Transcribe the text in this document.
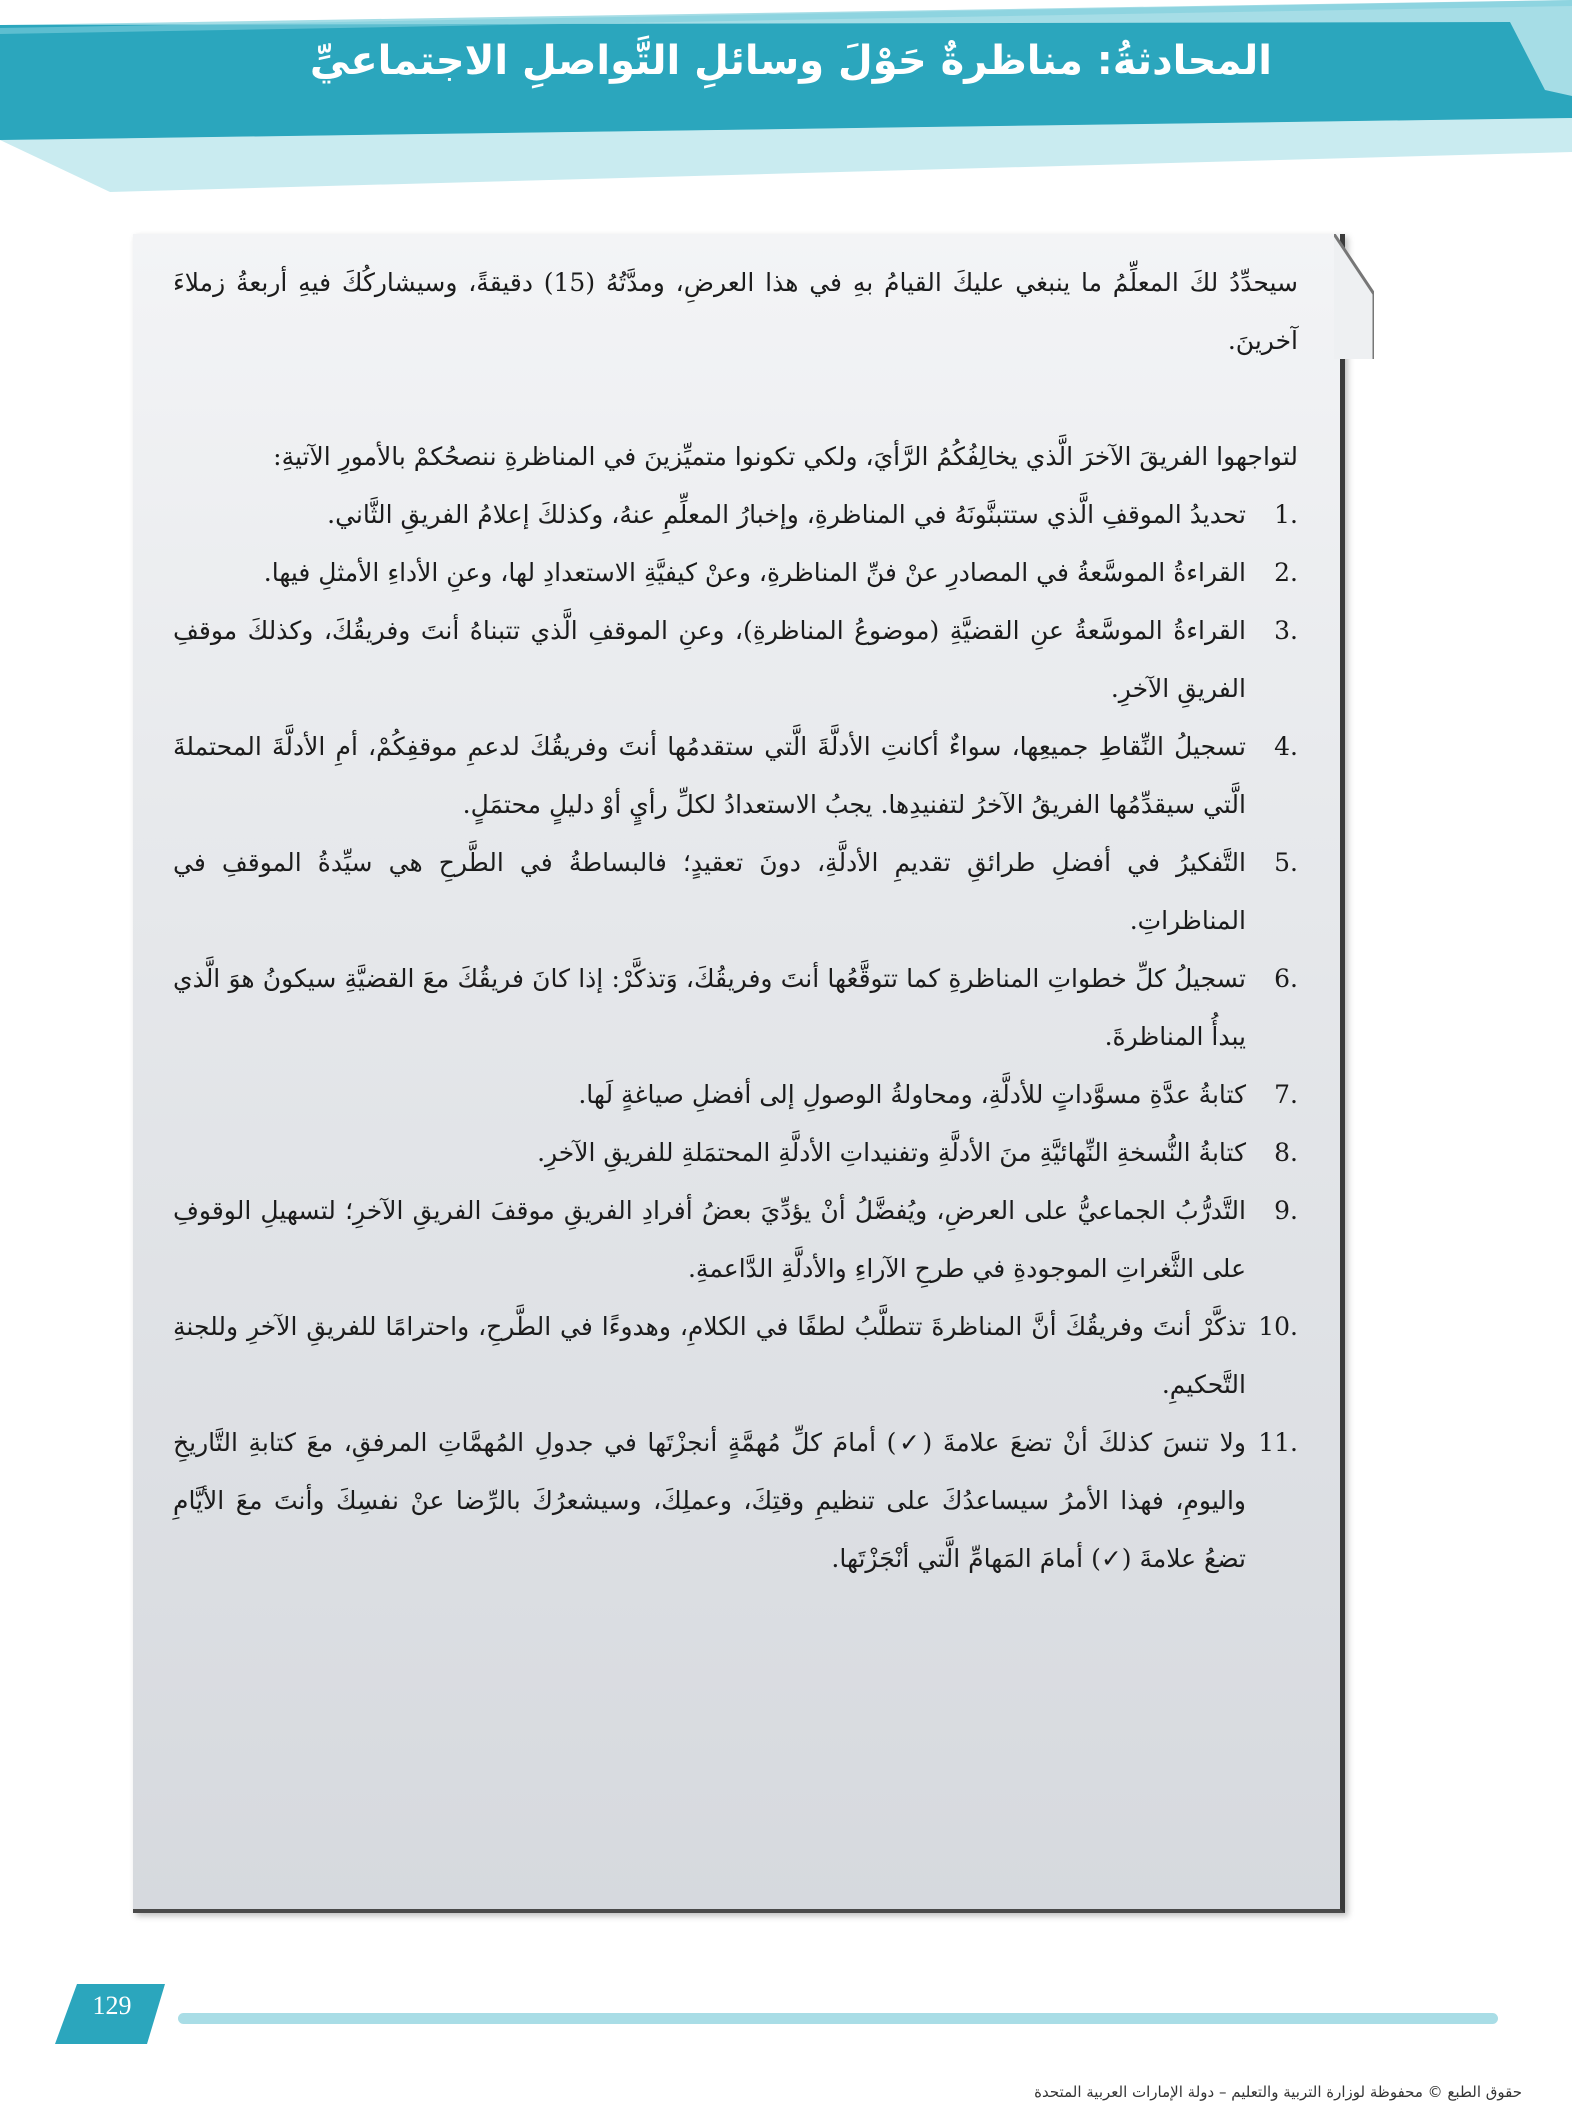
المحادثةُ: مناظرةٌ حَوْلَ وسائلِ التَّواصلِ الاجتماعيِّ

سيحدِّدُ لكَ المعلِّمُ ما ينبغي عليكَ القيامُ بهِ في هذا العرضِ، ومدَّتُهُ (15) دقيقةً، وسيشاركُكَ فيهِ أربعةُ زملاءَ آخرينَ.

لتواجهوا الفريقَ الآخرَ الَّذي يخالِفُكُمُ الرَّأيَ، ولكي تكونوا متميِّزينَ في المناظرةِ ننصحُكمْ بالأمورِ الآتيةِ:

1.
تحديدُ الموقفِ الَّذي ستتبنَّونَهُ في المناظرةِ، وإخبارُ المعلِّمِ عنهُ، وكذلكَ إعلامُ الفريقِ الثَّاني.
2.
القراءةُ الموسَّعةُ في المصادرِ عنْ فنِّ المناظرةِ، وعنْ كيفيَّةِ الاستعدادِ لها، وعنِ الأداءِ الأمثلِ فيها.
3.
القراءةُ الموسَّعةُ عنِ القضيَّةِ (موضوعُ المناظرةِ)، وعنِ الموقفِ الَّذي تتبناهُ أنتَ وفريقُكَ، وكذلكَ موقفِ الفريقِ الآخرِ.
4.
تسجيلُ النِّقاطِ جميعِها، سواءٌ أكانتِ الأدلَّةَ الَّتي ستقدمُها أنتَ وفريقُكَ لدعمِ موقفِكُمْ، أمِ الأدلَّةَ المحتملةَ الَّتي سيقدِّمُها الفريقُ الآخرُ لتفنيدِها. يجبُ الاستعدادُ لكلِّ رأيٍ أوْ دليلٍ محتمَلٍ.
5.
التَّفكيرُ في أفضلِ طرائقِ تقديمِ الأدلَّةِ، دونَ تعقيدٍ؛ فالبساطةُ في الطَّرحِ هي سيِّدةُ الموقفِ في المناظراتِ.
6.
تسجيلُ كلِّ خطواتِ المناظرةِ كما تتوقَّعُها أنتَ وفريقُكَ، وَتذكَّرْ: إذا كانَ فريقُكَ معَ القضيَّةِ سيكونُ هوَ الَّذي يبدأُ المناظرةَ.
7.
كتابةُ عدَّةِ مسوَّداتٍ للأدلَّةِ، ومحاولةُ الوصولِ إلى أفضلِ صياغةٍ لَها.
8.
كتابةُ النُّسخةِ النِّهائيَّةِ منَ الأدلَّةِ وتفنيداتِ الأدلَّةِ المحتمَلةِ للفريقِ الآخرِ.
9.
التَّدرُّبُ الجماعيُّ على العرضِ، ويُفضَّلُ أنْ يؤدِّيَ بعضُ أفرادِ الفريقِ موقفَ الفريقِ الآخرِ؛ لتسهيلِ الوقوفِ على الثَّغراتِ الموجودةِ في طرحِ الآراءِ والأدلَّةِ الدَّاعمةِ.
10.
تذكَّرْ أنتَ وفريقُكَ أنَّ المناظرةَ تتطلَّبُ لطفًا في الكلامِ، وهدوءًا في الطَّرحِ، واحترامًا للفريقِ الآخرِ وللجنةِ التَّحكيمِ.
11.
ولا تنسَ كذلكَ أنْ تضعَ علامةَ (✓) أمامَ كلِّ مُهمَّةٍ أنجزْتَها في جدولِ المُهمَّاتِ المرفقِ، معَ كتابةِ التَّاريخِ واليومِ، فهذا الأمرُ سيساعدُكَ على تنظيمِ وقتِكَ، وعملِكَ، وسيشعرُكَ بالرِّضا عنْ نفسِكَ وأنتَ معَ الأيَّامِ تضعُ علامةَ (✓) أمامَ المَهامِّ الَّتي أنْجَزْتَها.
129
حقوق الطبع © محفوظة لوزارة التربية والتعليم – دولة الإمارات العربية المتحدة
